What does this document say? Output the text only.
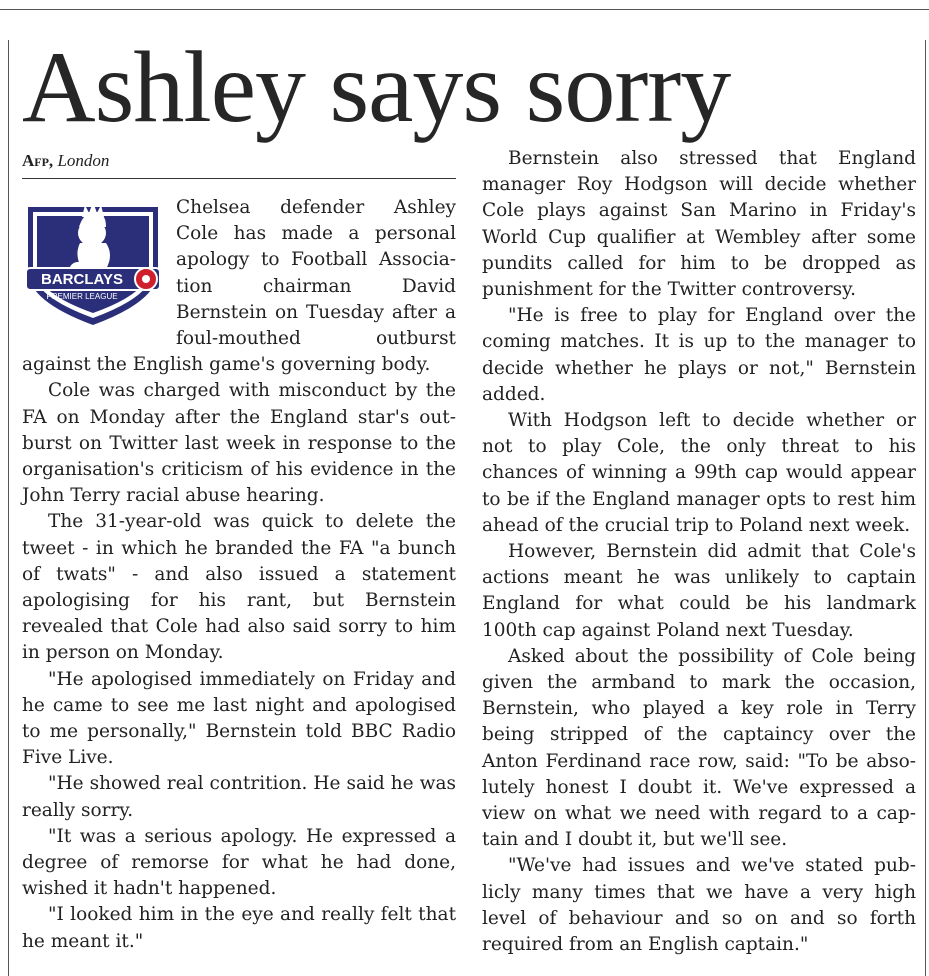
Ashley says sorry
Afp, London
BARCLAYS
PREMIER LEAGUE

Chelsea defender Ashley Cole has made a personal apology to Football Association chairman David Bernstein on Tuesday after a foul-mouthed outburst against the English game's governing body.

Cole was charged with misconduct by the FA on Monday after the England star's outburst on Twitter last week in response to the organisation's criticism of his evidence in the John Terry racial abuse hearing.

The 31-year-old was quick to delete the tweet - in which he branded the FA "a bunch of twats" - and also issued a statement apologising for his rant, but Bernstein revealed that Cole had also said sorry to him in person on Monday.

"He apologised immediately on Friday and he came to see me last night and apologised to me personally," Bernstein told BBC Radio Five Live.

"He showed real contrition. He said he was really sorry.

"It was a serious apology. He expressed a degree of remorse for what he had done, wished it hadn't happened.

"I looked him in the eye and really felt that he meant it."

Bernstein also stressed that England manager Roy Hodgson will decide whether Cole plays against San Marino in Friday's World Cup qualifier at Wembley after some pundits called for him to be dropped as punishment for the Twitter controversy.

"He is free to play for England over the coming matches. It is up to the manager to decide whether he plays or not," Bernstein added.

With Hodgson left to decide whether or not to play Cole, the only threat to his chances of winning a 99th cap would appear to be if the England manager opts to rest him ahead of the crucial trip to Poland next week.

However, Bernstein did admit that Cole's actions meant he was unlikely to captain England for what could be his landmark 100th cap against Poland next Tuesday.

Asked about the possibility of Cole being given the armband to mark the occasion, Bernstein, who played a key role in Terry being stripped of the captaincy over the Anton Ferdinand race row, said: "To be absolutely honest I doubt it. We've expressed a view on what we need with regard to a captain and I doubt it, but we'll see.

"We've had issues and we've stated publicly many times that we have a very high level of behaviour and so on and so forth required from an English captain."
